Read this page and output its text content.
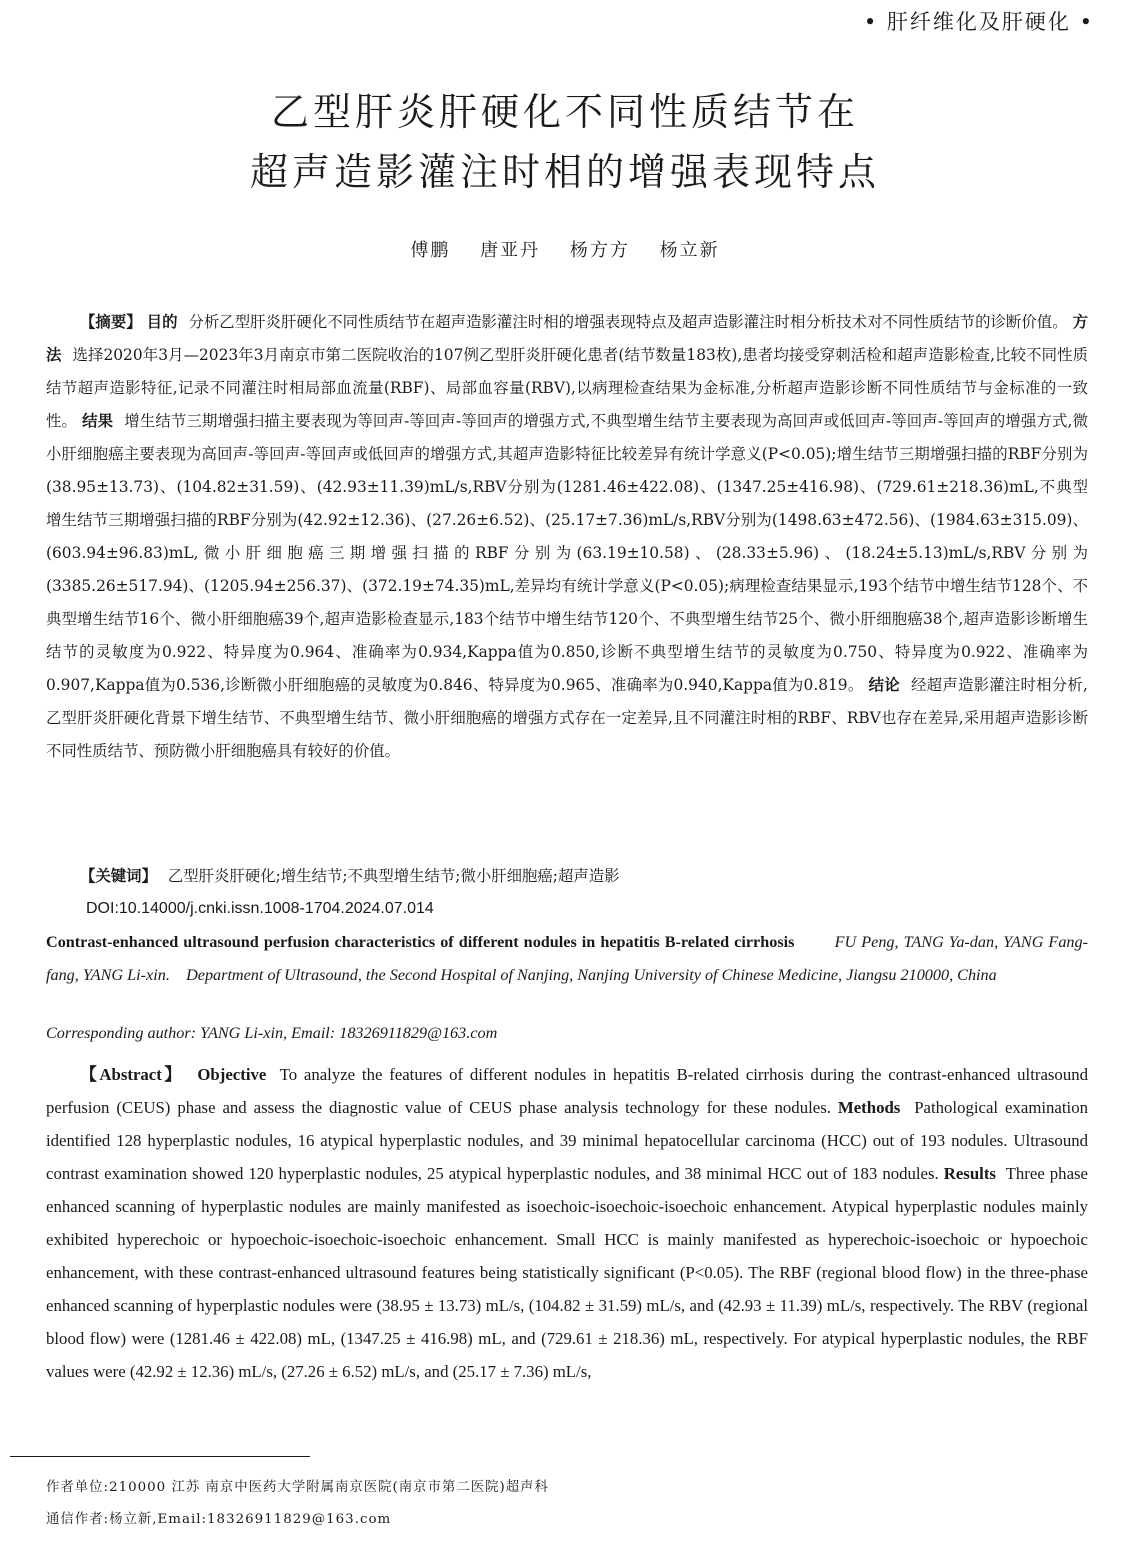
• 肝纤维化及肝硬化 •
乙型肝炎肝硬化不同性质结节在
超声造影灌注时相的增强表现特点
傅鹏 唐亚丹 杨方方 杨立新

【摘要】 目的 分析乙型肝炎肝硬化不同性质结节在超声造影灌注时相的增强表现特点及超声造影灌注时相分析技术对不同性质结节的诊断价值。 方法 选择2020年3月—2023年3月南京市第二医院收治的107例乙型肝炎肝硬化患者(结节数量183枚),患者均接受穿刺活检和超声造影检查,比较不同性质结节超声造影特征,记录不同灌注时相局部血流量(RBF)、局部血容量(RBV),以病理检查结果为金标准,分析超声造影诊断不同性质结节与金标准的一致性。 结果 增生结节三期增强扫描主要表现为等回声-等回声-等回声的增强方式,不典型增生结节主要表现为高回声或低回声-等回声-等回声的增强方式,微小肝细胞癌主要表现为高回声-等回声-等回声或低回声的增强方式,其超声造影特征比较差异有统计学意义(P<0.05);增生结节三期增强扫描的RBF分别为(38.95±13.73)、(104.82±31.59)、(42.93±11.39)mL/s,RBV分别为(1281.46±422.08)、(1347.25±416.98)、(729.61±218.36)mL,不典型增生结节三期增强扫描的RBF分别为(42.92±12.36)、(27.26±6.52)、(25.17±7.36)mL/s,RBV分别为(1498.63±472.56)、(1984.63±315.09)、(603.94±96.83)mL,微小肝细胞癌三期增强扫描的RBF分别为(63.19±10.58)、(28.33±5.96)、(18.24±5.13)mL/s,RBV分别为(3385.26±517.94)、(1205.94±256.37)、(372.19±74.35)mL,差异均有统计学意义(P<0.05);病理检查结果显示,193个结节中增生结节128个、不典型增生结节16个、微小肝细胞癌39个,超声造影检查显示,183个结节中增生结节120个、不典型增生结节25个、微小肝细胞癌38个,超声造影诊断增生结节的灵敏度为0.922、特异度为0.964、准确率为0.934,Kappa值为0.850,诊断不典型增生结节的灵敏度为0.750、特异度为0.922、准确率为0.907,Kappa值为0.536,诊断微小肝细胞癌的灵敏度为0.846、特异度为0.965、准确率为0.940,Kappa值为0.819。 结论 经超声造影灌注时相分析,乙型肝炎肝硬化背景下增生结节、不典型增生结节、微小肝细胞癌的增强方式存在一定差异,且不同灌注时相的RBF、RBV也存在差异,采用超声造影诊断不同性质结节、预防微小肝细胞癌具有较好的价值。

【关键词】 乙型肝炎肝硬化;增生结节;不典型增生结节;微小肝细胞癌;超声造影
DOI:10.14000/j.cnki.issn.1008-1704.2024.07.014
Contrast-enhanced ultrasound perfusion characteristics of different nodules in hepatitis B-related cirrhosis FU Peng, TANG Ya-dan, YANG Fang-fang, YANG Li-xin. Department of Ultrasound, the Second Hospital of Nanjing, Nanjing University of Chinese Medicine, Jiangsu 210000, China
Corresponding author: YANG Li-xin, Email: 18326911829@163.com

【Abstract】 Objective To analyze the features of different nodules in hepatitis B-related cirrhosis during the contrast-enhanced ultrasound perfusion (CEUS) phase and assess the diagnostic value of CEUS phase analysis technology for these nodules. Methods Pathological examination identified 128 hyperplastic nodules, 16 atypical hyperplastic nodules, and 39 minimal hepatocellular carcinoma (HCC) out of 193 nodules. Ultrasound contrast examination showed 120 hyperplastic nodules, 25 atypical hyperplastic nodules, and 38 minimal HCC out of 183 nodules. Results Three phase enhanced scanning of hyperplastic nodules are mainly manifested as isoechoic-isoechoic-isoechoic enhancement. Atypical hyperplastic nodules mainly exhibited hyperechoic or hypoechoic-isoechoic-isoechoic enhancement. Small HCC is mainly manifested as hyperechoic-isoechoic or hypoechoic enhancement, with these contrast-enhanced ultrasound features being statistically significant (P<0.05). The RBF (regional blood flow) in the three-phase enhanced scanning of hyperplastic nodules were (38.95 ± 13.73) mL/s, (104.82 ± 31.59) mL/s, and (42.93 ± 11.39) mL/s, respectively. The RBV (regional blood flow) were (1281.46 ± 422.08) mL, (1347.25 ± 416.98) mL, and (729.61 ± 218.36) mL, respectively. For atypical hyperplastic nodules, the RBF values were (42.92 ± 12.36) mL/s, (27.26 ± 6.52) mL/s, and (25.17 ± 7.36) mL/s,

作者单位:210000 江苏 南京中医药大学附属南京医院(南京市第二医院)超声科
通信作者:杨立新,Email:18326911829@163.com
